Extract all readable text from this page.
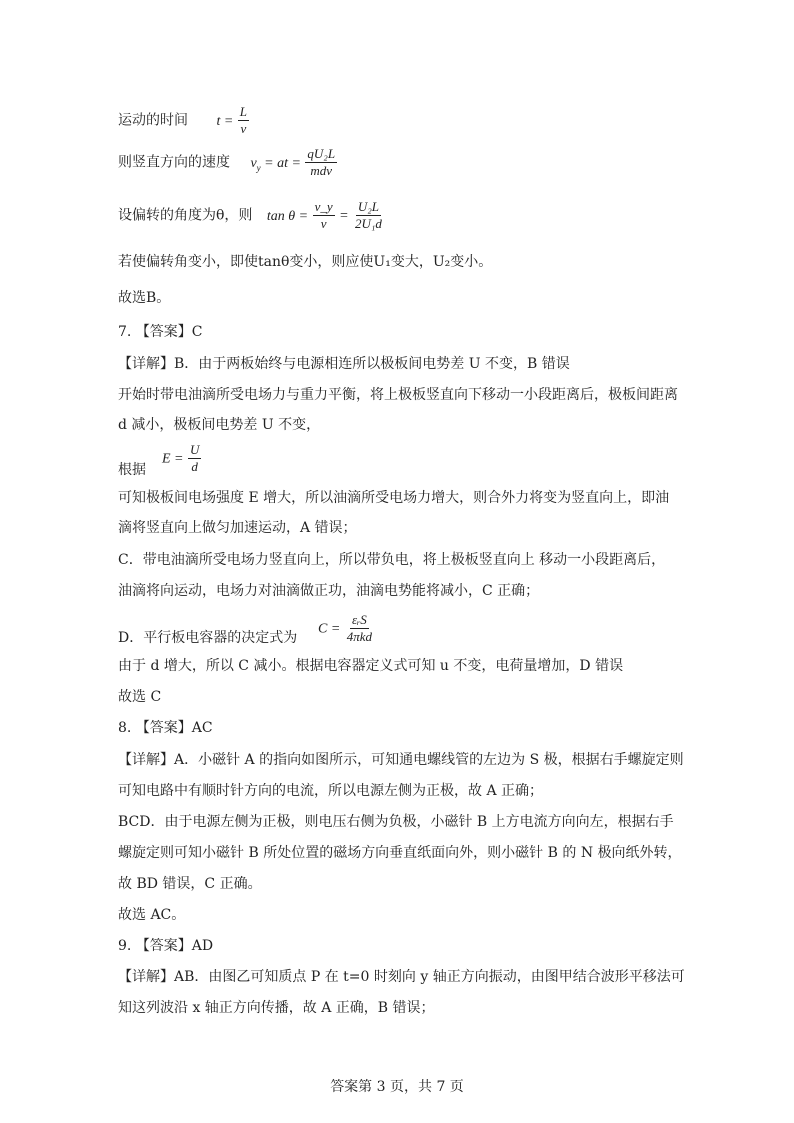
运动的时间 $t = \frac{L}{v}$
则竖直方向的速度 $v_y$ = at = $\frac{\text{qU₂L}}{\text{mdv}}$
设偏转的角度为θ，则 $\tan \theta = \frac{v\_y}{v} = \frac{\text{U₂L}}{\text{2U₁d}}$
若使偏转角变小，即使tanθ变小，则应使U₁变大，U₂变小。
故选B。
7. 【答案】C
【详解】B．由于两板始终与电源相连所以极板间电势差 U 不变，B 错误
开始时带电油滴所受电场力与重力平衡，将上极板竖直向下移动一小段距离后，极板间距离
d 减小，极板间电势差 U 不变，
根据
$E = \frac{U}{d}$
可知极板间电场强度 E 增大，所以油滴所受电场力增大，则合外力将变为竖直向上，即油
滴将竖直向上做匀加速运动，A 错误；
C．带电油滴所受电场力竖直向上，所以带负电，将上极板竖直向上 移动一小段距离后，
油滴将向运动，电场力对油滴做正功，油滴电势能将减小，C 正确；
D．平行板电容器的决定式为
$C = \frac{\text{εᵣS}}{\text{4πkd}}$
由于 d 增大，所以 C 减小。根据电容器定义式可知 u 不变，电荷量增加，D 错误
故选 C
8. 【答案】AC
【详解】A．小磁针 A 的指向如图所示，可知通电螺线管的左边为 S 极，根据右手螺旋定则
可知电路中有顺时针方向的电流，所以电源左侧为正极，故 A 正确；
BCD．由于电源左侧为正极，则电压右侧为负极，小磁针 B 上方电流方向向左，根据右手
螺旋定则可知小磁针 B 所处位置的磁场方向垂直纸面向外，则小磁针 B 的 N 极向纸外转，
故 BD 错误，C 正确。
故选 AC。
9. 【答案】AD
【详解】AB．由图乙可知质点 P 在 t=0 时刻向 y 轴正方向振动，由图甲结合波形平移法可
知这列波沿 x 轴正方向传播，故 A 正确，B 错误；
答案第 3 页，共 7 页
